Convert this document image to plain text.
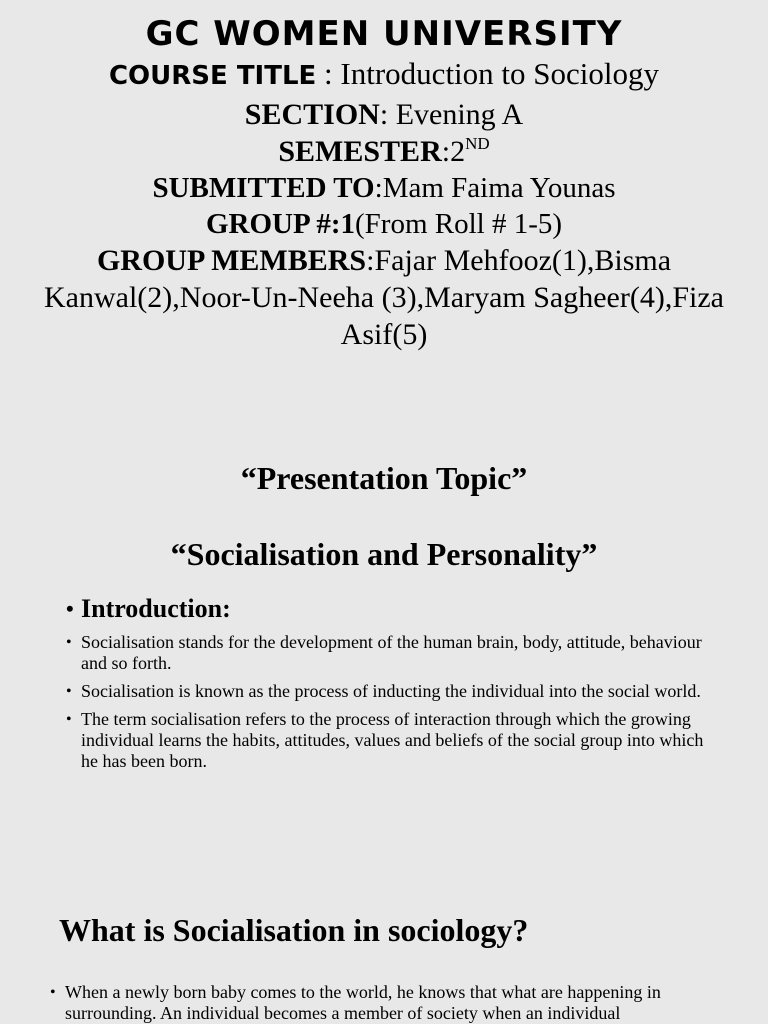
GC WOMEN UNIVERSITY
COURSE TITLE : Introduction to Sociology
SECTION: Evening A
SEMESTER:2ND
SUBMITTED TO:Mam Faima Younas
GROUP #:1(From Roll # 1-5)
GROUP MEMBERS:Fajar Mehfooz(1),Bisma Kanwal(2),Noor-Un-Neeha (3),Maryam Sagheer(4),Fiza Asif(5)
“Presentation Topic”
“Socialisation and Personality”
• Introduction:
• Socialisation stands for the development of the human brain, body, attitude, behaviour and so forth.
• Socialisation is known as the process of inducting the individual into the social world.
• The term socialisation refers to the process of interaction through which the growing individual learns the habits, attitudes, values and beliefs of the social group into which he has been born.
What is Socialisation in sociology?
• When a newly born baby comes to the world, he knows that what are happening in surrounding. An individual becomes a member of society when an individual
